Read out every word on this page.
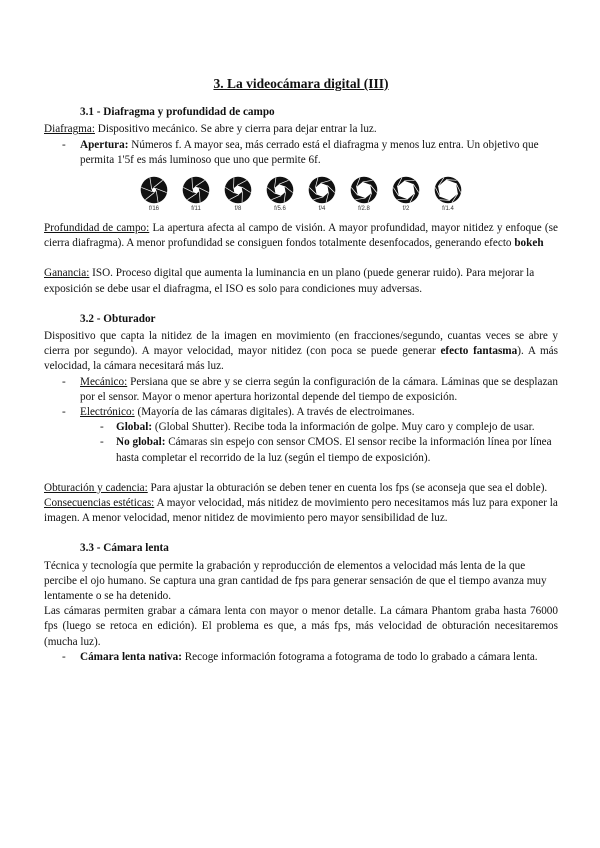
3. La videocámara digital (III)
3.1 - Diafragma y profundidad de campo

Diafragma: Dispositivo mecánico. Se abre y cierra para dejar entrar la luz.

- Apertura: Números f. A mayor sea, más cerrado está el diafragma y menos luz entra. Un objetivo que permita 1'5f es más luminoso que uno que permite 6f.
f/16	f/11	f/8	f/5.6	f/4	f/2.8	f/2	f/1.4

Profundidad de campo: La apertura afecta al campo de visión. A mayor profundidad, mayor nitidez y enfoque (se cierra diafragma). A menor profundidad se consiguen fondos totalmente desenfocados, generando efecto bokeh

Ganancia: ISO. Proceso digital que aumenta la luminancia en un plano (puede generar ruido). Para mejorar la exposición se debe usar el diafragma, el ISO es solo para condiciones muy adversas.

3.2 - Obturador

Dispositivo que capta la nitidez de la imagen en movimiento (en fracciones/segundo, cuantas veces se abre y cierra por segundo). A mayor velocidad, mayor nitidez (con poca se puede generar efecto fantasma). A más velocidad, la cámara necesitará más luz.

- Mecánico: Persiana que se abre y se cierra según la configuración de la cámara. Láminas que se desplazan por el sensor. Mayor o menor apertura horizontal depende del tiempo de exposición.
- Electrónico: (Mayoría de las cámaras digitales). A través de electroimanes.
- Global: (Global Shutter). Recibe toda la información de golpe. Muy caro y complejo de usar.
- No global: Cámaras sin espejo con sensor CMOS. El sensor recibe la información línea por línea hasta completar el recorrido de la luz (según el tiempo de exposición).

Obturación y cadencia: Para ajustar la obturación se deben tener en cuenta los fps (se aconseja que sea el doble).

Consecuencias estéticas: A mayor velocidad, más nitidez de movimiento pero necesitamos más luz para exponer la imagen. A menor velocidad, menor nitidez de movimiento pero mayor sensibilidad de luz.

3.3 - Cámara lenta

Técnica y tecnología que permite la grabación y reproducción de elementos a velocidad más lenta de la que percibe el ojo humano. Se captura una gran cantidad de fps para generar sensación de que el tiempo avanza muy lentamente o se ha detenido.

Las cámaras permiten grabar a cámara lenta con mayor o menor detalle. La cámara Phantom graba hasta 76000 fps (luego se retoca en edición). El problema es que, a más fps, más velocidad de obturación necesitaremos (mucha luz).

- Cámara lenta nativa: Recoge información fotograma a fotograma de todo lo grabado a cámara lenta.
